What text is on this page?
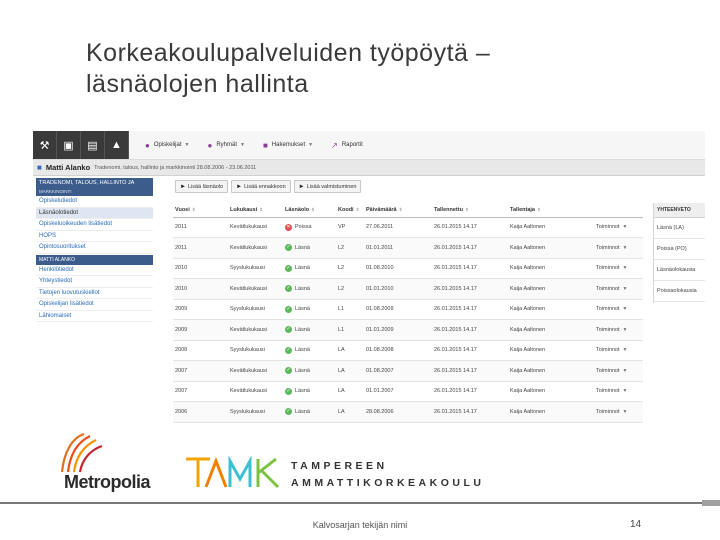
Korkeakoulupalveluiden työpöytä –
läsnäolojen hallinta
⚒	▣	▤	▲	● Opiskelijat ▼ ● Ryhmät ▼ ■ Hakemukset ▼ ↗ Raportit
■ Matti Alanko Tradenomi, talous, hallinto ja markkinointi 28.08.2006 - 23.06.2011
TRADENOMI, TALOUS, HALLINTO JA
MARKKINOINTI
Opiskelutiedot
Läsnäolotiedot
Opiskeluoikeuden lisätiedot
HOPS
Opintosuoritukset
MATTI ALANKO
Henkilötiedot
Yhteystiedot
Tietojen luovutuskiellot
Opiskelijan lisätiedot
Lähiomaiset
► Lisää läsnäolo ► Lisää ennakkoon ► Lisää valmistuminen
Vuosi ⇕	Lukukausi ⇕	Läsnäolo ⇕	Koodi ⇕	Päivämäärä ⇕	Tallennettu ⇕	Tallentaja ⇕	
2011	Kevätlukukausi	✕ Poissa	VP	27.06.2011	26.01.2015 14.17	Kaija Aaltonen	Toiminnot ▼
2011	Kevätlukukausi	✓ Läsnä	L2	01.01.2011	26.01.2015 14.17	Kaija Aaltonen	Toiminnot ▼
2010	Syyslukukausi	✓ Läsnä	L2	01.08.2010	26.01.2015 14.17	Kaija Aaltonen	Toiminnot ▼
2010	Kevätlukukausi	✓ Läsnä	L2	01.01.2010	26.01.2015 14.17	Kaija Aaltonen	Toiminnot ▼
2009	Syyslukukausi	✓ Läsnä	L1	01.08.2009	26.01.2015 14.17	Kaija Aaltonen	Toiminnot ▼
2009	Kevätlukukausi	✓ Läsnä	L1	01.01.2009	26.01.2015 14.17	Kaija Aaltonen	Toiminnot ▼
2008	Syyslukukausi	✓ Läsnä	LA	01.08.2008	26.01.2015 14.17	Kaija Aaltonen	Toiminnot ▼
2007	Kevätlukukausi	✓ Läsnä	LA	01.08.2007	26.01.2015 14.17	Kaija Aaltonen	Toiminnot ▼
2007	Kevätlukukausi	✓ Läsnä	LA	01.01.2007	26.01.2015 14.17	Kaija Aaltonen	Toiminnot ▼
2006	Syyslukukausi	✓ Läsnä	LA	28.08.2006	26.01.2015 14.17	Kaija Aaltonen	Toiminnot ▼
YHTEENVETO
Läsnä (LA)
Poissa (PO)
Läsnäolokausia
Poissaolokausia
Metropolia
TAMPEREEN
AMMATTIKORKEAKOULU
Kalvosarjan tekijän nimi	14
